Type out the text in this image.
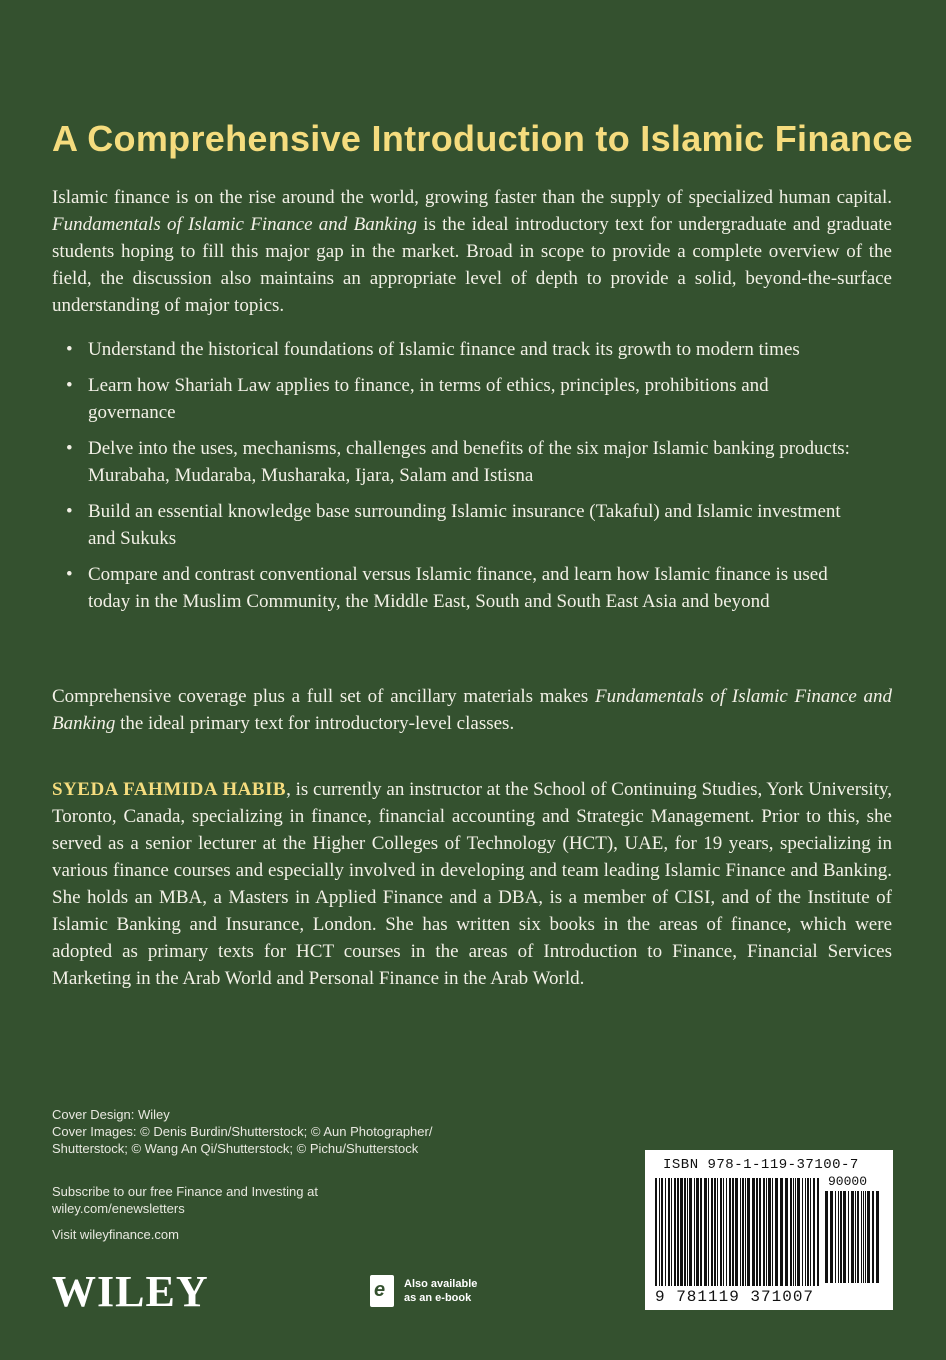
A Comprehensive Introduction to Islamic Finance

Islamic finance is on the rise around the world, growing faster than the supply of specialized human capital. Fundamentals of Islamic Finance and Banking is the ideal introductory text for undergraduate and graduate students hoping to fill this major gap in the market. Broad in scope to provide a complete overview of the field, the discussion also maintains an appropriate level of depth to provide a solid, beyond-the-surface understanding of major topics.

• Understand the historical foundations of Islamic finance and track its growth to modern times
• Learn how Shariah Law applies to finance, in terms of ethics, principles, prohibitions and governance
• Delve into the uses, mechanisms, challenges and benefits of the six major Islamic banking products: Murabaha, Mudaraba, Musharaka, Ijara, Salam and Istisna
• Build an essential knowledge base surrounding Islamic insurance (Takaful) and Islamic investment and Sukuks
• Compare and contrast conventional versus Islamic finance, and learn how Islamic finance is used today in the Muslim Community, the Middle East, South and South East Asia and beyond

Comprehensive coverage plus a full set of ancillary materials makes Fundamentals of Islamic Finance and Banking the ideal primary text for introductory-level classes.

SYEDA FAHMIDA HABIB, is currently an instructor at the School of Continuing Studies, York University, Toronto, Canada, specializing in finance, financial accounting and Strategic Management. Prior to this, she served as a senior lecturer at the Higher Colleges of Technology (HCT), UAE, for 19 years, specializing in various finance courses and especially involved in developing and team leading Islamic Finance and Banking. She holds an MBA, a Masters in Applied Finance and a DBA, is a member of CISI, and of the Institute of Islamic Banking and Insurance, London. She has written six books in the areas of finance, which were adopted as primary texts for HCT courses in the areas of Introduction to Finance, Financial Services Marketing in the Arab World and Personal Finance in the Arab World.

Cover Design: Wiley
Cover Images: © Denis Burdin/Shutterstock; © Aun Photographer/ Shutterstock; © Wang An Qi/Shutterstock; © Pichu/Shutterstock
Subscribe to our free Finance and Investing at wiley.com/enewsletters
Visit wileyfinance.com
WILEY	e Also available
as an e-book
ISBN 978-1-119-37100-7
90000
9 781119 371007
